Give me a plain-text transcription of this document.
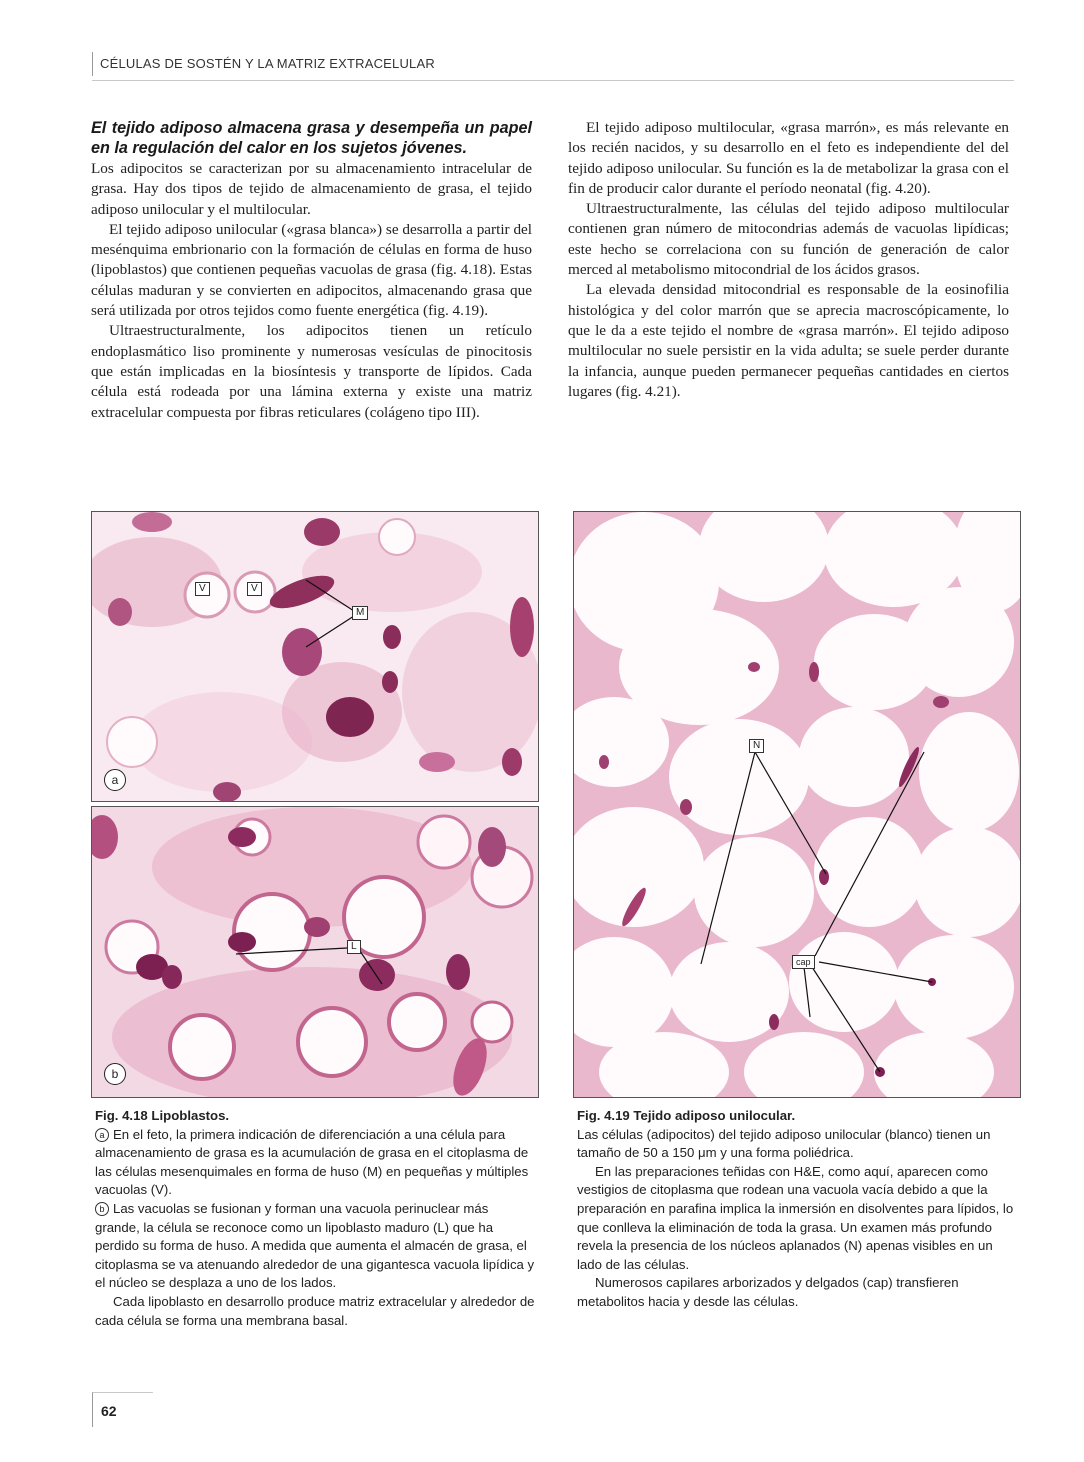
CÉLULAS DE SOSTÉN Y LA MATRIZ EXTRACELULAR
El tejido adiposo almacena grasa y desempeña un papel en la regulación del calor en los sujetos jóvenes.

Los adipocitos se caracterizan por su almacenamiento intracelular de grasa. Hay dos tipos de tejido de almacenamiento de grasa, el tejido adiposo unilocular y el multilocular.

El tejido adiposo unilocular («grasa blanca») se desarrolla a partir del mesénquima embrionario con la formación de células en forma de huso (lipoblastos) que contienen pequeñas vacuolas de grasa (fig. 4.18). Estas células maduran y se convierten en adipocitos, almacenando grasa que será utilizada por otros tejidos como fuente energética (fig. 4.19).

Ultraestructuralmente, los adipocitos tienen un retículo endoplasmático liso prominente y numerosas vesículas de pinocitosis que están implicadas en la biosíntesis y transporte de lípidos. Cada célula está rodeada por una lámina externa y existe una matriz extracelular compuesta por fibras reticulares (colágeno tipo III).

El tejido adiposo multilocular, «grasa marrón», es más relevante en los recién nacidos, y su desarrollo en el feto es independiente del del tejido adiposo unilocular. Su función es la de metabolizar la grasa con el fin de producir calor durante el período neonatal (fig. 4.20).

Ultraestructuralmente, las células del tejido adiposo multilocular contienen gran número de mitocondrias además de vacuolas lipídicas; este hecho se correlaciona con su función de generación de calor merced al metabolismo mitocondrial de los ácidos grasos.

La elevada densidad mitocondrial es responsable de la eosinofilia histológica y del color marrón que se aprecia macroscópicamente, lo que le da a este tejido el nombre de «grasa marrón». El tejido adiposo multilocular no suele persistir en la vida adulta; se suele perder durante la infancia, aunque pueden permanecer pequeñas cantidades en ciertos lugares (fig. 4.21).

V	V
M
a
L
b
N
cap

Fig. 4.18 Lipoblastos.

a En el feto, la primera indicación de diferenciación a una célula para almacenamiento de grasa es la acumulación de grasa en el citoplasma de las células mesenquimales en forma de huso (M) en pequeñas y múltiples vacuolas (V).

b Las vacuolas se fusionan y forman una vacuola perinuclear más grande, la célula se reconoce como un lipoblasto maduro (L) que ha perdido su forma de huso. A medida que aumenta el almacén de grasa, el citoplasma se va atenuando alrededor de una gigantesca vacuola lipídica y el núcleo se desplaza a uno de los lados.

Cada lipoblasto en desarrollo produce matriz extracelular y alrededor de cada célula se forma una membrana basal.

Fig. 4.19 Tejido adiposo unilocular.

Las células (adipocitos) del tejido adiposo unilocular (blanco) tienen un tamaño de 50 a 150 μm y una forma poliédrica.

En las preparaciones teñidas con H&E, como aquí, aparecen como vestigios de citoplasma que rodean una vacuola vacía debido a que la preparación en parafina implica la inmersión en disolventes para lípidos, lo que conlleva la eliminación de toda la grasa. Un examen más profundo revela la presencia de los núcleos aplanados (N) apenas visibles en un lado de las células.

Numerosos capilares arborizados y delgados (cap) transfieren metabolitos hacia y desde las células.

62
